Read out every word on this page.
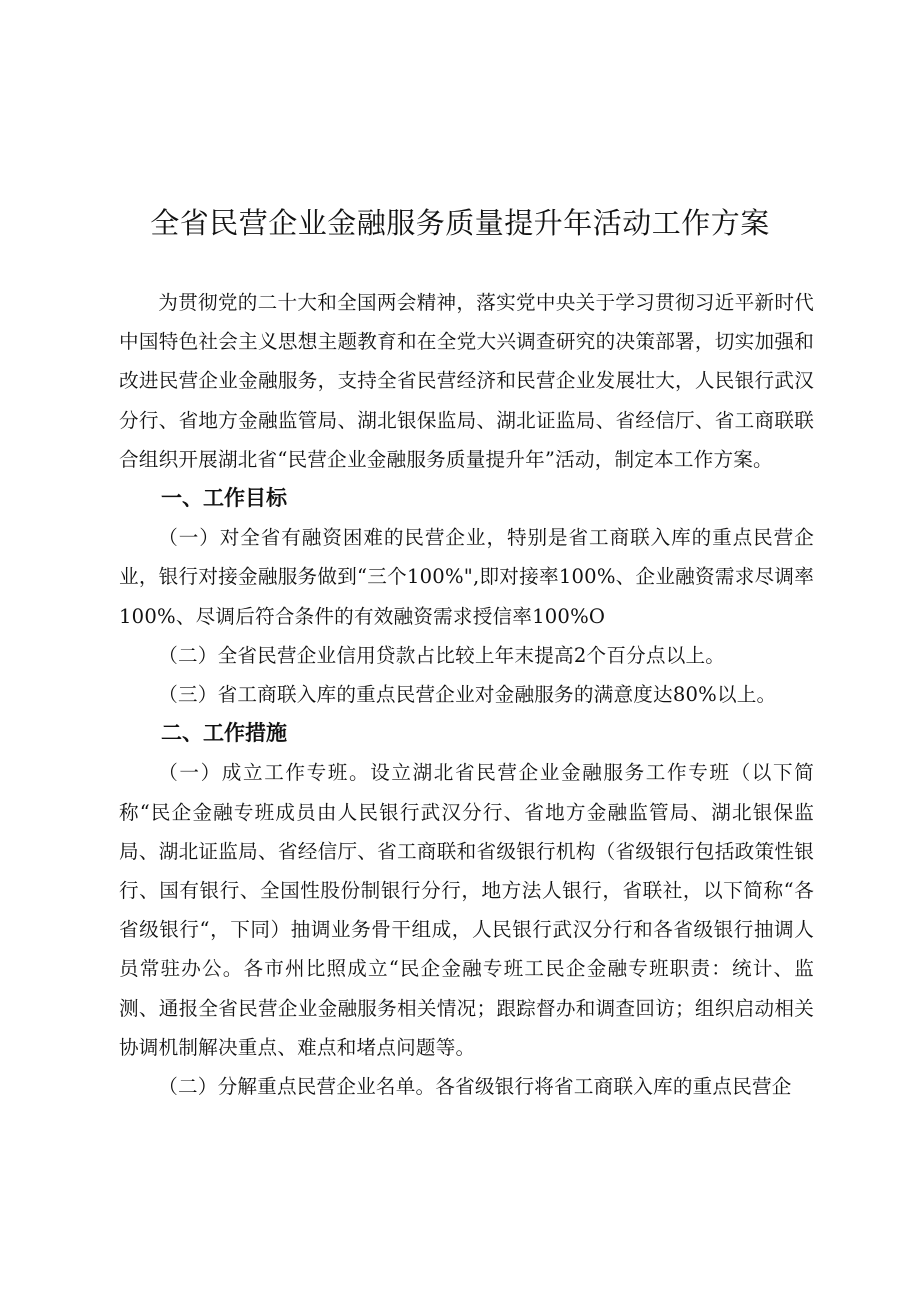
全省民营企业金融服务质量提升年活动工作方案

为贯彻党的二十大和全国两会精神，落实党中央关于学习贯彻习近平新时代中国特色社会主义思想主题教育和在全党大兴调查研究的决策部署，切实加强和改进民营企业金融服务，支持全省民营经济和民营企业发展壮大，人民银行武汉分行、省地方金融监管局、湖北银保监局、湖北证监局、省经信厅、省工商联联合组织开展湖北省“民营企业金融服务质量提升年”活动，制定本工作方案。

一、工作目标

（一）对全省有融资困难的民营企业，特别是省工商联入库的重点民营企业，银行对接金融服务做到“三个100%",即对接率100%、企业融资需求尽调率100%、尽调后符合条件的有效融资需求授信率100%O

（二）全省民营企业信用贷款占比较上年末提高2个百分点以上。

（三）省工商联入库的重点民营企业对金融服务的满意度达80%以上。

二、工作措施

（一）成立工作专班。设立湖北省民营企业金融服务工作专班（以下简称“民企金融专班成员由人民银行武汉分行、省地方金融监管局、湖北银保监局、湖北证监局、省经信厅、省工商联和省级银行机构（省级银行包括政策性银行、国有银行、全国性股份制银行分行，地方法人银行，省联社，以下简称“各省级银行“，下同）抽调业务骨干组成，人民银行武汉分行和各省级银行抽调人员常驻办公。各市州比照成立“民企金融专班工民企金融专班职责：统计、监测、通报全省民营企业金融服务相关情况；跟踪督办和调查回访；组织启动相关协调机制解决重点、难点和堵点问题等。

（二）分解重点民营企业名单。各省级银行将省工商联入库的重点民营企
